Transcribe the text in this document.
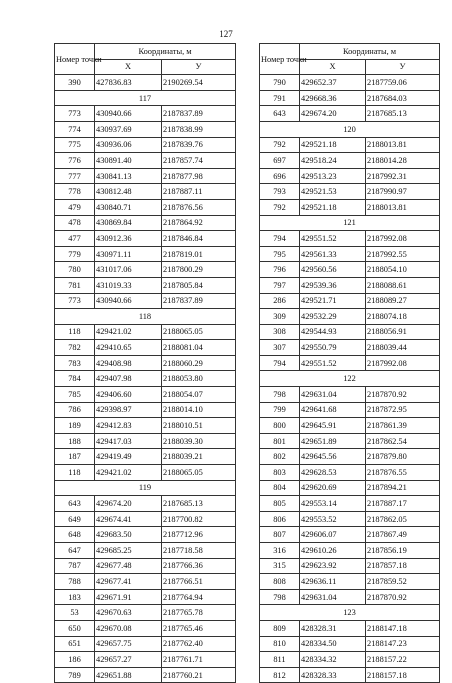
127
Номер точки	Координаты, м	
	Х	У
390	427836.83	2190269.54
117		
773	430940.66	2187837.89
774	430937.69	2187838.99
775	430936.06	2187839.76
776	430891.40	2187857.74
777	430841.13	2187877.98
778	430812.48	2187887.11
479	430840.71	2187876.56
478	430869.84	2187864.92
477	430912.36	2187846.84
779	430971.11	2187819.01
780	431017.06	2187800.29
781	431019.33	2187805.84
773	430940.66	2187837.89
118		
118	429421.02	2188065.05
782	429410.65	2188081.04
783	429408.98	2188060.29
784	429407.98	2188053.80
785	429406.60	2188054.07
786	429398.97	2188014.10
189	429412.83	2188010.51
188	429417.03	2188039.30
187	429419.49	2188039.21
118	429421.02	2188065.05
119		
643	429674.20	2187685.13
649	429674.41	2187700.82
648	429683.50	2187712.96
647	429685.25	2187718.58
787	429677.48	2187766.36
788	429677.41	2187766.51
183	429671.91	2187764.94
53	429670.63	2187765.78
650	429670.08	2187765.46
651	429657.75	2187762.40
186	429657.27	2187761.71
789	429651.88	2187760.21
Номер точки	Координаты, м	
	Х	У
790	429652.37	2187759.06
791	429668.36	2187684.03
643	429674.20	2187685.13
120		
792	429521.18	2188013.81
697	429518.24	2188014.28
696	429513.23	2187992.31
793	429521.53	2187990.97
792	429521.18	2188013.81
121		
794	429551.52	2187992.08
795	429561.33	2187992.55
796	429560.56	2188054.10
797	429539.36	2188088.61
286	429521.71	2188089.27
309	429532.29	2188074.18
308	429544.93	2188056.91
307	429550.79	2188039.44
794	429551.52	2187992.08
122		
798	429631.04	2187870.92
799	429641.68	2187872.95
800	429645.91	2187861.39
801	429651.89	2187862.54
802	429645.56	2187879.80
803	429628.53	2187876.55
804	429620.69	2187894.21
805	429553.14	2187887.17
806	429553.52	2187862.05
807	429606.07	2187867.49
316	429610.26	2187856.19
315	429623.92	2187857.18
808	429636.11	2187859.52
798	429631.04	2187870.92
123		
809	428328.31	2188147.18
810	428334.50	2188147.23
811	428334.32	2188157.22
812	428328.33	2188157.18
